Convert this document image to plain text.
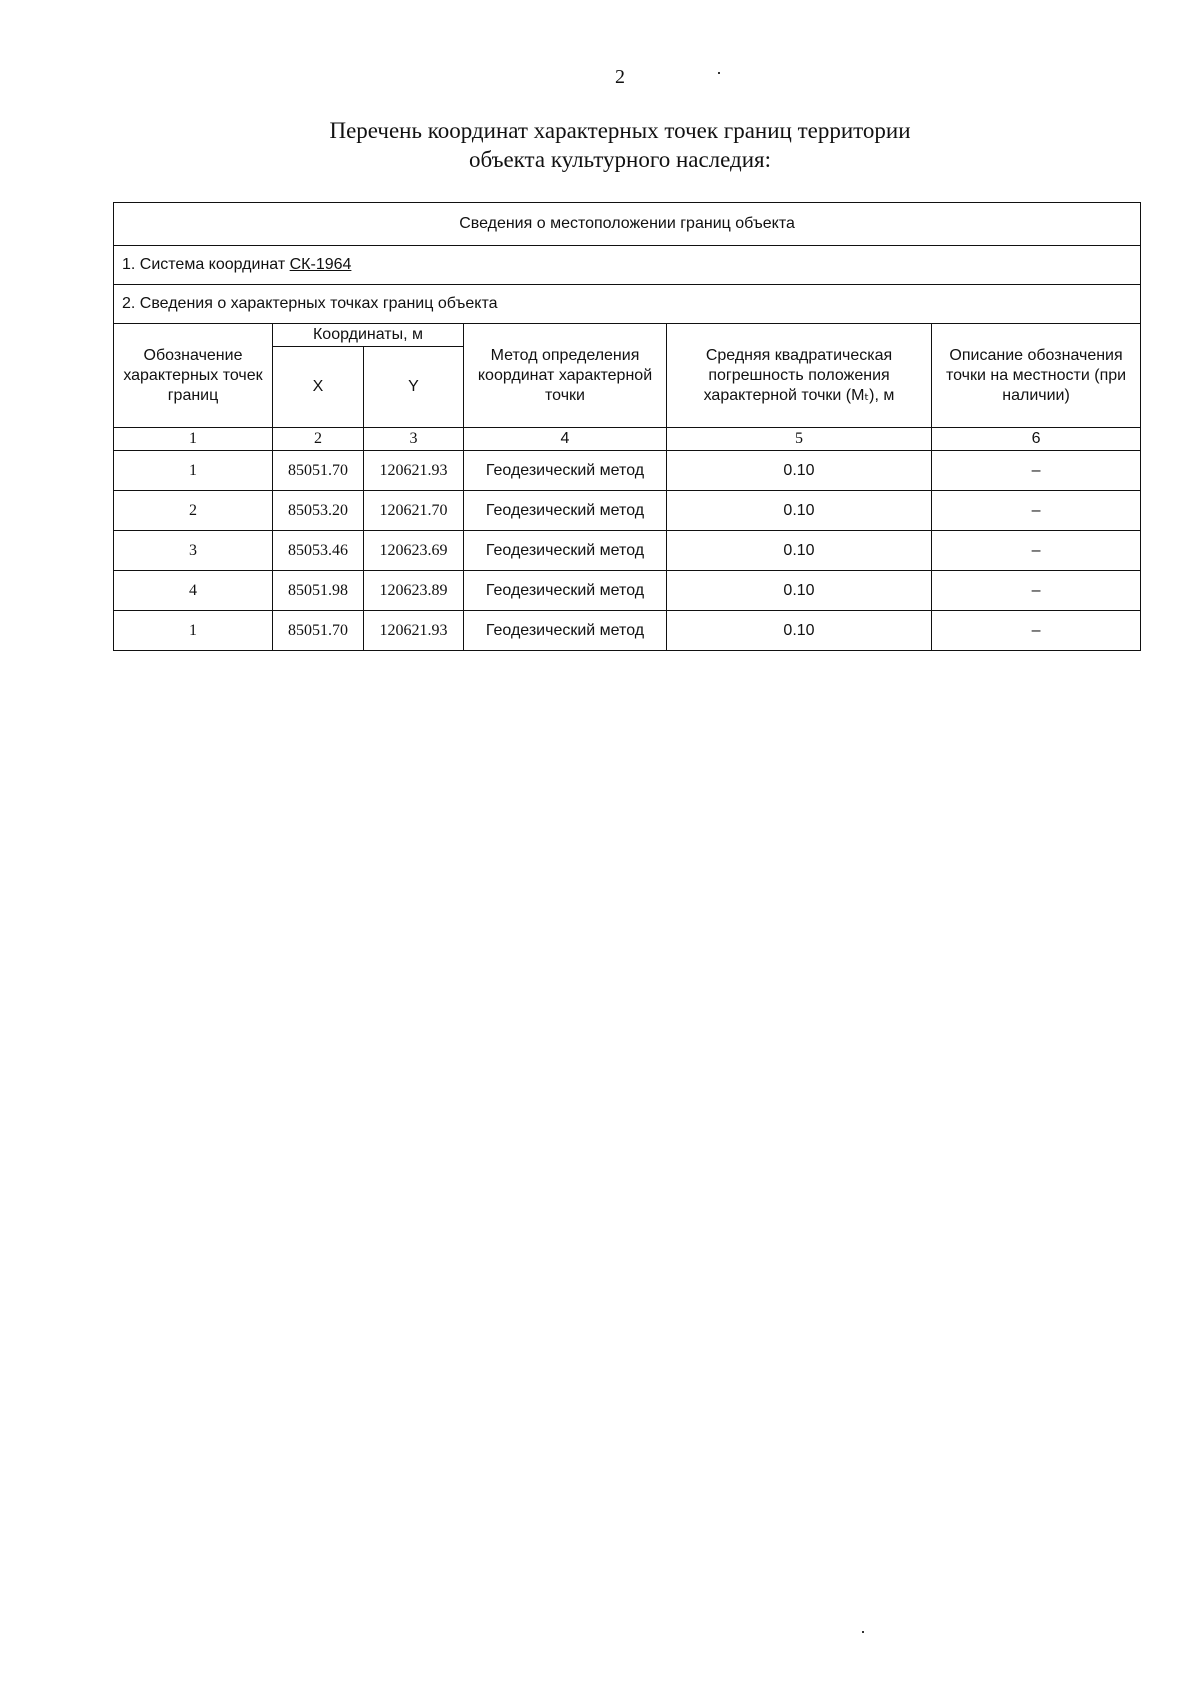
2
Перечень координат характерных точек границ территории
объекта культурного наследия:
Сведения о местоположении границ объекта					
1. Система координат СК-1964					
2. Сведения о характерных точках границ объекта					
Обозначение характерных точек границ	Координаты, м		Метод определения координат характерной точки	Средняя квадратическая погрешность положения характерной точки (Mₜ), м	Описание обозначения точки на местности (при наличии)
	X	Y			
1	2	3	4	5	6
1	85051.70	120621.93	Геодезический метод	0.10	–
2	85053.20	120621.70	Геодезический метод	0.10	–
3	85053.46	120623.69	Геодезический метод	0.10	–
4	85051.98	120623.89	Геодезический метод	0.10	–
1	85051.70	120621.93	Геодезический метод	0.10	–
